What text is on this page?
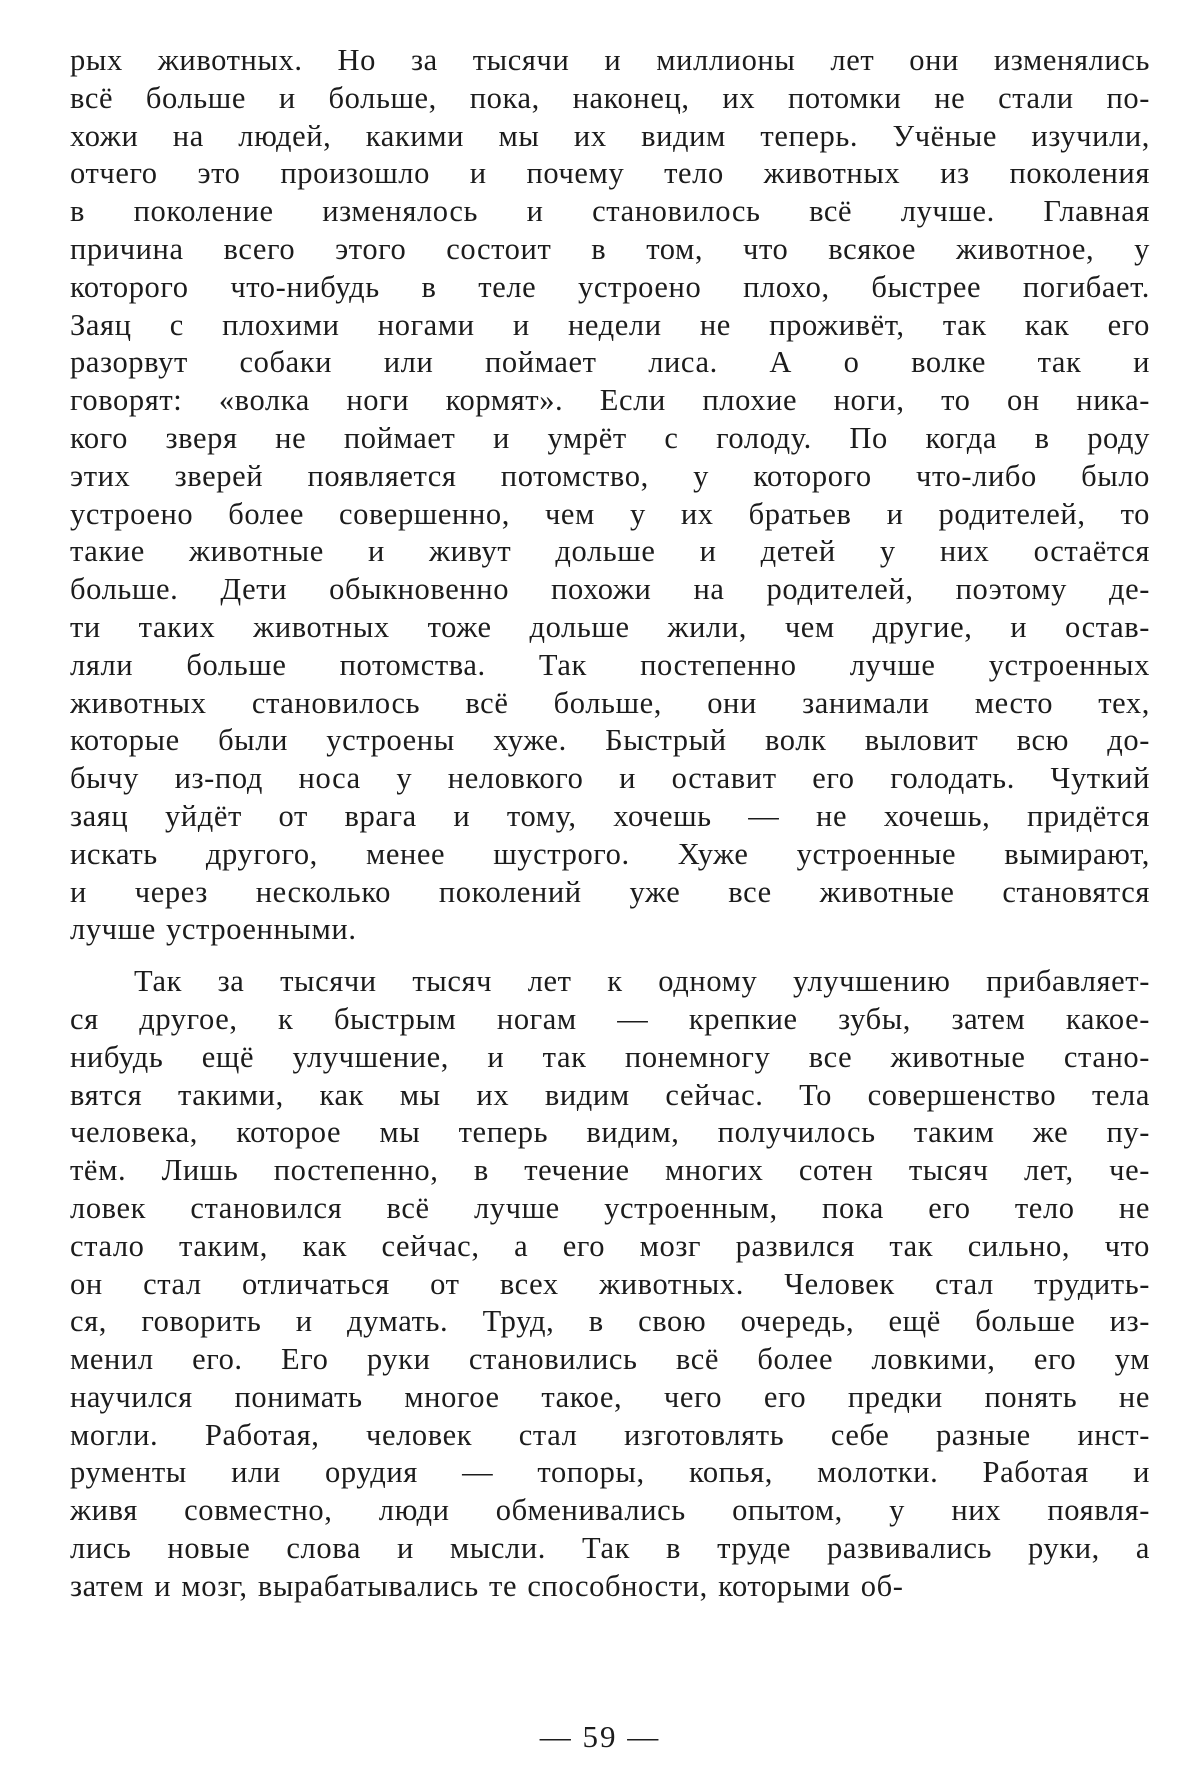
рых животных. Но за тысячи и миллионы лет они изменялись
всё больше и больше, пока, наконец, их потомки не стали по-
хожи на людей, какими мы их видим теперь. Учёные изучили,
отчего это произошло и почему тело животных из поколения
в поколение изменялось и становилось всё лучше. Главная
причина всего этого состоит в том, что всякое животное, у
которого что-нибудь в теле устроено плохо, быстрее погибает.
Заяц с плохими ногами и недели не проживёт, так как его
разорвут собаки или поймает лиса. А о волке так и
говорят: «волка ноги кормят». Если плохие ноги, то он ника-
кого зверя не поймает и умрёт с голоду. По когда в роду
этих зверей появляется потомство, у которого что-либо было
устроено более совершенно, чем у их братьев и родителей, то
такие животные и живут дольше и детей у них остаётся
больше. Дети обыкновенно похожи на родителей, поэтому де-
ти таких животных тоже дольше жили, чем другие, и остав-
ляли больше потомства. Так постепенно лучше устроенных
животных становилось всё больше, они занимали место тех,
которые были устроены хуже. Быстрый волк выловит всю до-
бычу из-под носа у неловкого и оставит его голодать. Чуткий
заяц уйдёт от врага и тому, хочешь — не хочешь, придётся
искать другого, менее шустрого. Хуже устроенные вымирают,
и через несколько поколений уже все животные становятся
лучше устроенными.
Так за тысячи тысяч лет к одному улучшению прибавляет-
ся другое, к быстрым ногам — крепкие зубы, затем какое-
нибудь ещё улучшение, и так понемногу все животные стано-
вятся такими, как мы их видим сейчас. То совершенство тела
человека, которое мы теперь видим, получилось таким же пу-
тём. Лишь постепенно, в течение многих сотен тысяч лет, че-
ловек становился всё лучше устроенным, пока его тело не
стало таким, как сейчас, а его мозг развился так сильно, что
он стал отличаться от всех животных. Человек стал трудить-
ся, говорить и думать. Труд, в свою очередь, ещё больше из-
менил его. Его руки становились всё более ловкими, его ум
научился понимать многое такое, чего его предки понять не
могли. Работая, человек стал изготовлять себе разные инст-
рументы или орудия — топоры, копья, молотки. Работая и
живя совместно, люди обменивались опытом, у них появля-
лись новые слова и мысли. Так в труде развивались руки, а
затем и мозг, вырабатывались те способности, которыми об-
— 59 —
